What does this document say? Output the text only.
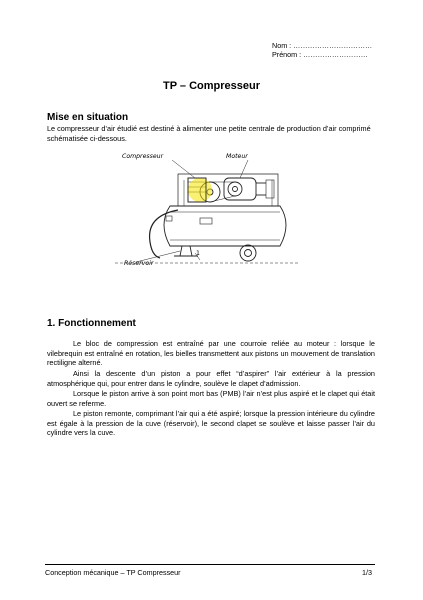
Nom : ……………………………
Prénom : ………………………
TP – Compresseur
Mise en situation
Le compresseur d’air étudié est destiné à alimenter une petite centrale de production d’air comprimé schématisée ci-dessous.
Compresseur	Moteur
Réservoir
1
1. Fonctionnement
Le bloc de compression est entraîné par une courroie reliée au moteur : lorsque le vilebrequin est entraîné en rotation, les bielles transmettent aux pistons un mouvement de translation rectiligne alterné.
Ainsi la descente d’un piston a pour effet “d’aspirer” l’air extérieur à la pression atmosphérique qui, pour entrer dans le cylindre, soulève le clapet d’admission.
Lorsque le piston arrive à son point mort bas (PMB) l’air n’est plus aspiré et le clapet qui était ouvert se referme.
Le piston remonte, comprimant l’air qui a été aspiré; lorsque la pression intérieure du cylindre est égale à la pression de la cuve (réservoir), le second clapet se soulève et laisse passer l’air du cylindre vers la cuve.
Conception mécanique – TP Compresseur	1/3
